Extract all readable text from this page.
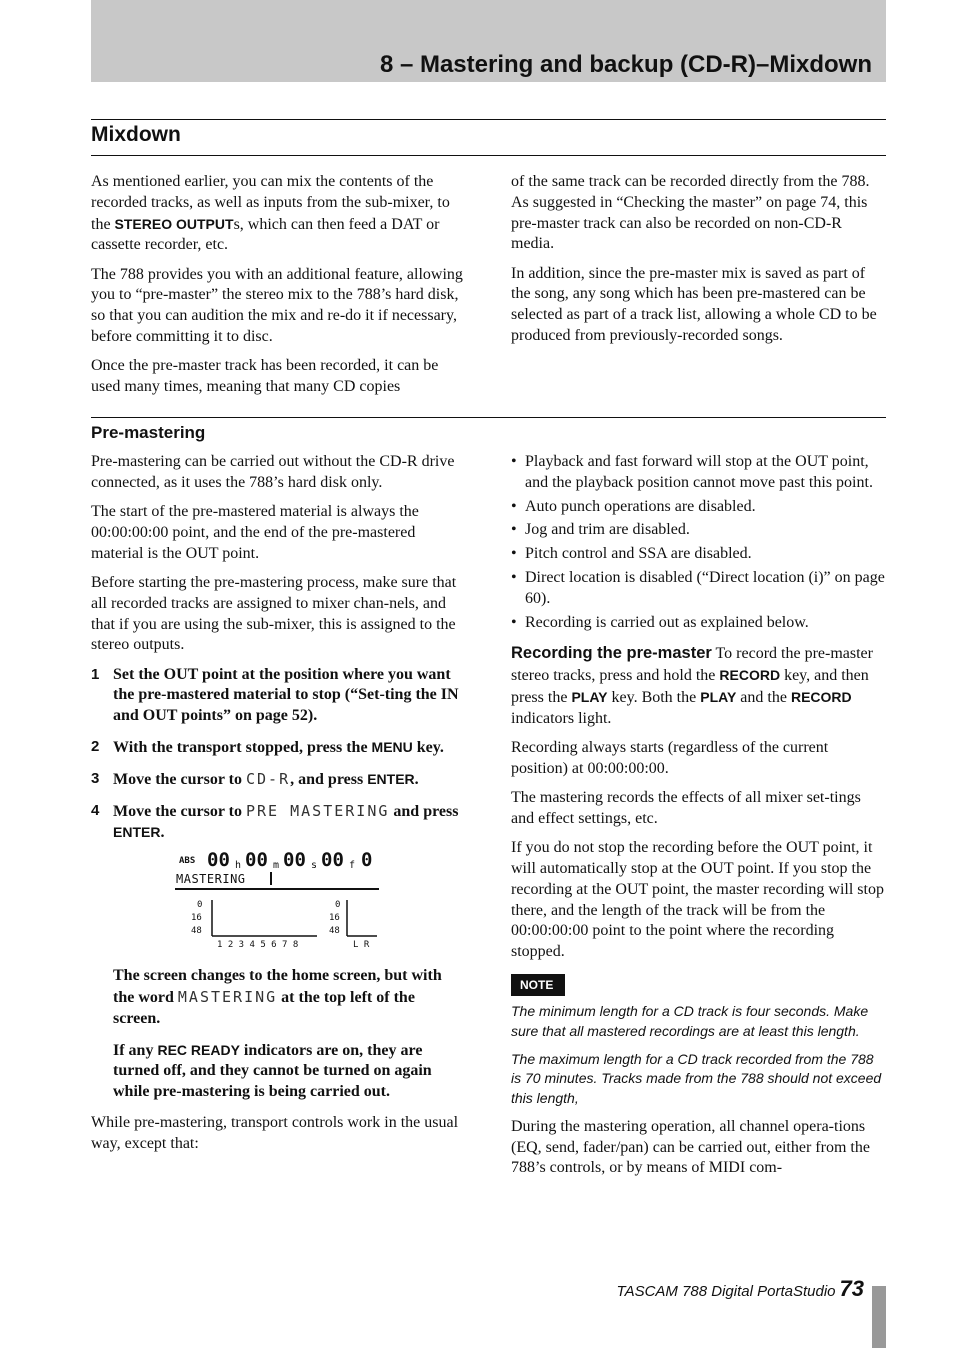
8 – Mastering and backup (CD-R)–Mixdown
Mixdown

As mentioned earlier, you can mix the contents of the recorded tracks, as well as inputs from the sub-mixer, to the STEREO OUTPUTs, which can then feed a DAT or cassette recorder, etc.

The 788 provides you with an additional feature, allowing you to “pre-master” the stereo mix to the 788’s hard disk, so that you can audition the mix and re-do it if necessary, before committing it to disc.

Once the pre-master track has been recorded, it can be used many times, meaning that many CD copies

of the same track can be recorded directly from the 788. As suggested in “Checking the master” on page 74, this pre-master track can also be recorded on non-CD-R media.

In addition, since the pre-master mix is saved as part of the song, any song which has been pre-mastered can be selected as part of a track list, allowing a whole CD to be produced from previously-recorded songs.

Pre-mastering

Pre-mastering can be carried out without the CD-R drive connected, as it uses the 788’s hard disk only.

The start of the pre-mastered material is always the 00:00:00:00 point, and the end of the pre-mastered material is the OUT point.

Before starting the pre-mastering process, make sure that all recorded tracks are assigned to mixer chan-nels, and that if you are using the sub-mixer, this is assigned to the stereo outputs.

1 Set the OUT point at the position where you want the pre-mastered material to stop (“Set-ting the IN and OUT points” on page 52).
2 With the transport stopped, press the MENU key.
3 Move the cursor to CD-R, and press ENTER.
4 Move the cursor to PRE MASTERING and press ENTER.
ABS 00 h 00 m 00 s 00 f 0
MASTERING
0
16
48
1 2 3 4 5 6 7 8
0
16
48
L R
The screen changes to the home screen, but with the word MASTERING at the top left of the screen.
If any REC READY indicators are on, they are turned off, and they cannot be turned on again while pre-mastering is being carried out.

While pre-mastering, transport controls work in the usual way, except that:

• Playback and fast forward will stop at the OUT point, and the playback position cannot move past this point.
• Auto punch operations are disabled.
• Jog and trim are disabled.
• Pitch control and SSA are disabled.
• Direct location is disabled (“Direct location (i)” on page 60).
• Recording is carried out as explained below.

Recording the pre-master To record the pre-master stereo tracks, press and hold the RECORD key, and then press the PLAY key. Both the PLAY and the RECORD indicators light.

Recording always starts (regardless of the current position) at 00:00:00:00.

The mastering records the effects of all mixer set-tings and effect settings, etc.

If you do not stop the recording before the OUT point, it will automatically stop at the OUT point. If you stop the recording at the OUT point, the master recording will stop there, and the length of the track will be from the 00:00:00:00 point to the point where the recording stopped.

NOTE

The minimum length for a CD track is four seconds. Make sure that all mastered recordings are at least this length.

The maximum length for a CD track recorded from the 788 is 70 minutes. Tracks made from the 788 should not exceed this length,

During the mastering operation, all channel opera-tions (EQ, send, fader/pan) can be carried out, either from the 788’s controls, or by means of MIDI com-

TASCAM 788 Digital PortaStudio 73
